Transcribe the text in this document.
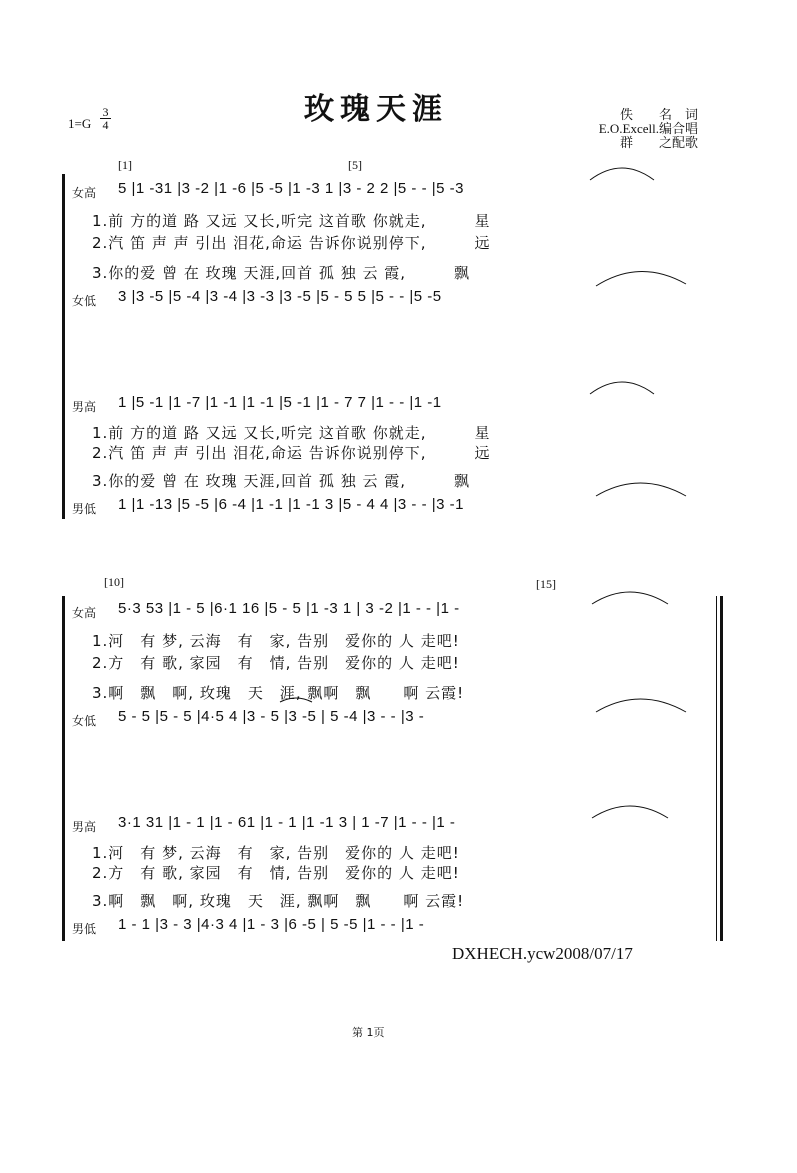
玫瑰天涯
1=G
3
4
佚　　名　词
E.O.Excell.编合唱
群　　之配歌
[1]	[5]
女高 5 |1 -31 |3 -2 |1 -6 |5 -5 |1 -3 1 |3 - 2 2 |5 - - |5 -3
1.前 方的道 路 又远 又长,听完 这首歌 你就走,　　　星
2.汽 笛 声 声 引出 泪花,命运 告诉你说别停下,　　　远
3.你的爱 曾 在 玫瑰 天涯,回首 孤 独 云 霞,　　　飘
女低 3 |3 -5 |5 -4 |3 -4 |3 -3 |3 -5 |5 - 5 5 |5 - - |5 -5
男高 1 |5 -1 |1 -7 |1 -1 |1 -1 |5 -1 |1 - 7 7 |1 - - |1 -1
1.前 方的道 路 又远 又长,听完 这首歌 你就走,　　　星
2.汽 笛 声 声 引出 泪花,命运 告诉你说别停下,　　　远
3.你的爱 曾 在 玫瑰 天涯,回首 孤 独 云 霞,　　　飘
男低 1 |1 -13 |5 -5 |6 -4 |1 -1 |1 -1 3 |5 - 4 4 |3 - - |3 -1
[10]	[15]
女高 5·3 53 |1 - 5 |6·1 16 |5 - 5 |1 -3 1 | 3 -2 |1 - - |1 -
1.河　有 梦, 云海　有　家, 告别　爱你的 人 走吧!
2.方　有 歌, 家园　有　情, 告别　爱你的 人 走吧!
3.啊　飘　啊, 玫瑰　天　涯, 飘啊　飘　　啊 云霞!
女低 5 - 5 |5 - 5 |4·5 4 |3 - 5 |3 -5 | 5 -4 |3 - - |3 -
男高 3·1 31 |1 - 1 |1 - 61 |1 - 1 |1 -1 3 | 1 -7 |1 - - |1 -
1.河　有 梦, 云海　有　家, 告别　爱你的 人 走吧!
2.方　有 歌, 家园　有　情, 告别　爱你的 人 走吧!
3.啊　飘　啊, 玫瑰　天　涯, 飘啊　飘　　啊 云霞!
男低 1 - 1 |3 - 3 |4·3 4 |1 - 3 |6 -5 | 5 -5 |1 - - |1 -
DXHECH.ycw2008/07/17
第 1页
